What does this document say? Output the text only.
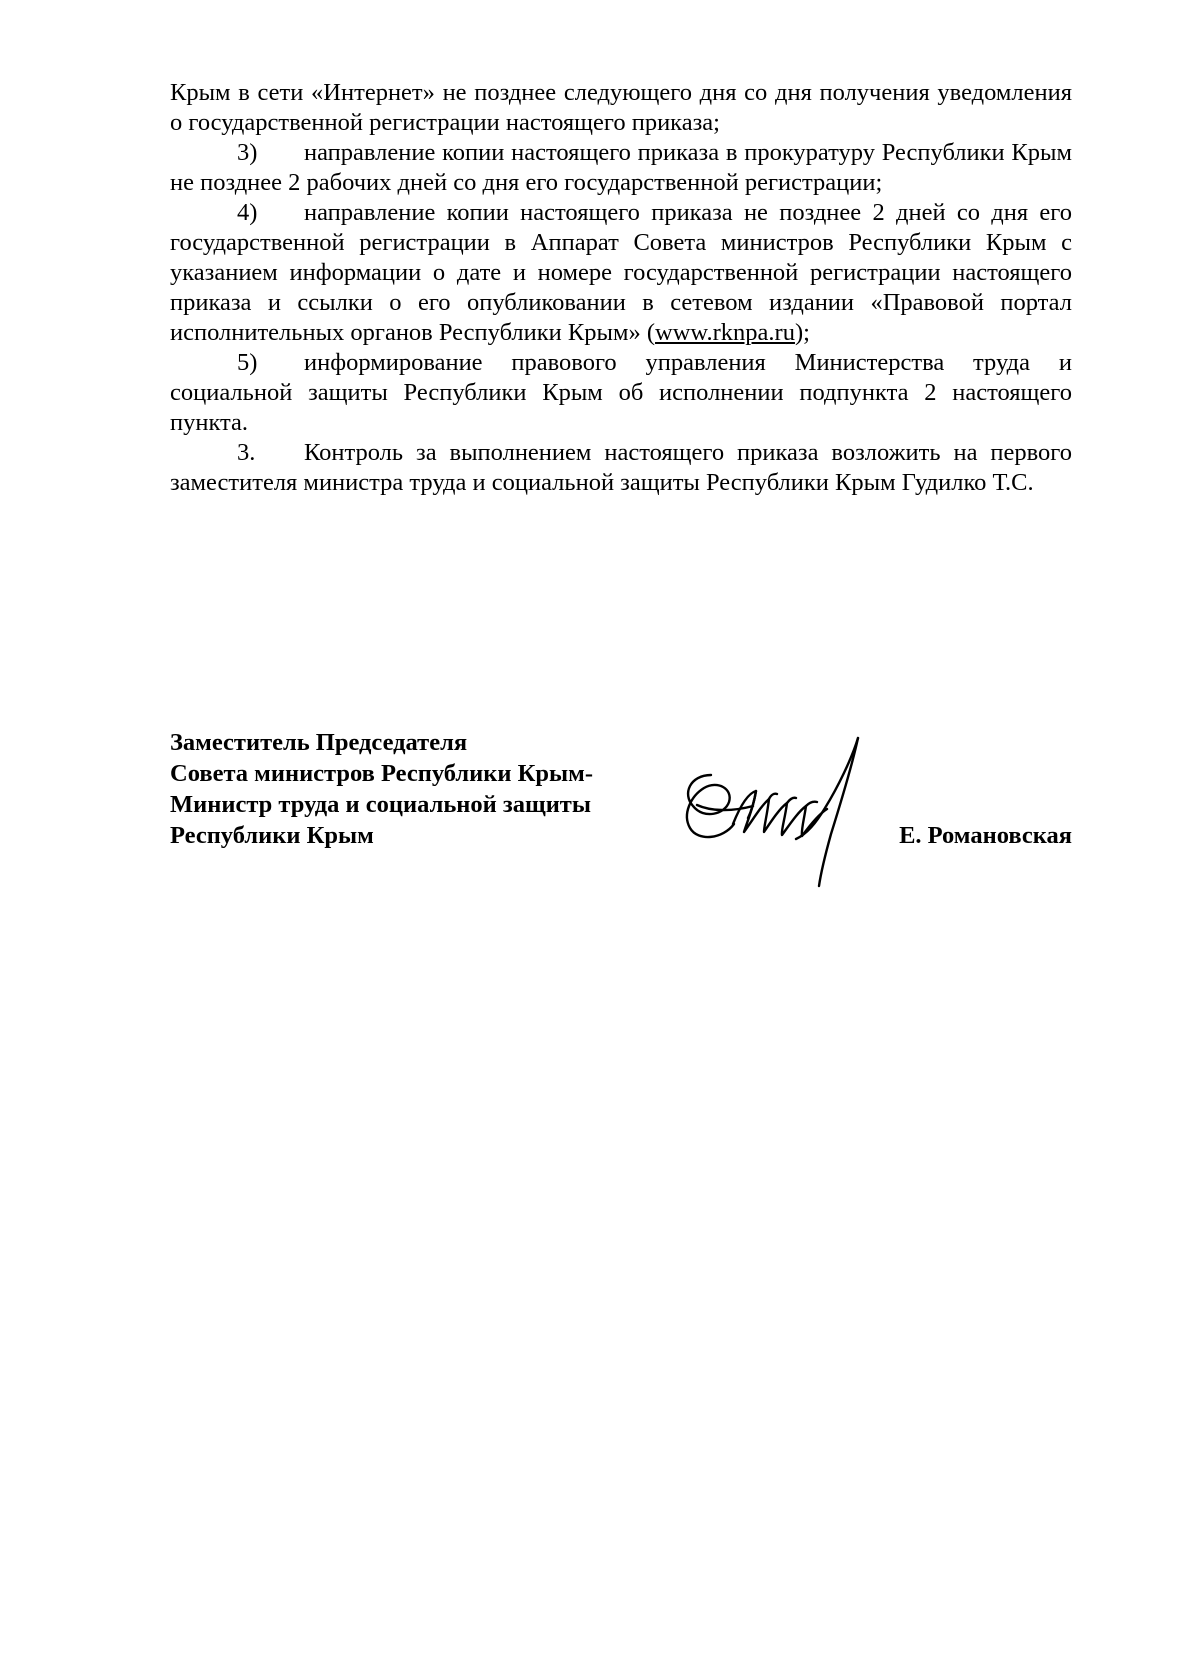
Крым в сети «Интернет» не позднее следующего дня со дня получения уведомления о государственной регистрации настоящего приказа;

3) направление копии настоящего приказа в прокуратуру Республики Крым не позднее 2 рабочих дней со дня его государственной регистрации;

4) направление копии настоящего приказа не позднее 2 дней со дня его государственной регистрации в Аппарат Совета министров Республики Крым с указанием информации о дате и номере государственной регистрации настоящего приказа и ссылки о его опубликовании в сетевом издании «Правовой портал исполнительных органов Республики Крым» (www.rknpa.ru);

5) информирование правового управления Министерства труда и социальной защиты Республики Крым об исполнении подпункта 2 настоящего пункта.

3. Контроль за выполнением настоящего приказа возложить на первого заместителя министра труда и социальной защиты Республики Крым Гудилко Т.С.

Заместитель Председателя
Совета министров Республики Крым-
Министр труда и социальной защиты
Республики Крым	Е. Романовская
